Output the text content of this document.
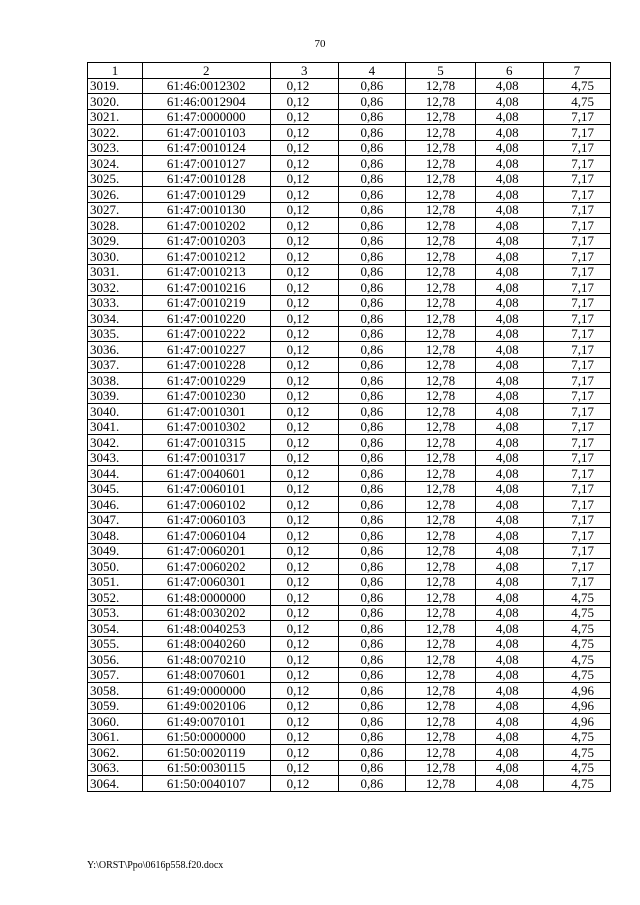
70
1	2	3	4	5	6	7
3019.	61:46:0012302	0,12	0,86	12,78	4,08	4,75
3020.	61:46:0012904	0,12	0,86	12,78	4,08	4,75
3021.	61:47:0000000	0,12	0,86	12,78	4,08	7,17
3022.	61:47:0010103	0,12	0,86	12,78	4,08	7,17
3023.	61:47:0010124	0,12	0,86	12,78	4,08	7,17
3024.	61:47:0010127	0,12	0,86	12,78	4,08	7,17
3025.	61:47:0010128	0,12	0,86	12,78	4,08	7,17
3026.	61:47:0010129	0,12	0,86	12,78	4,08	7,17
3027.	61:47:0010130	0,12	0,86	12,78	4,08	7,17
3028.	61:47:0010202	0,12	0,86	12,78	4,08	7,17
3029.	61:47:0010203	0,12	0,86	12,78	4,08	7,17
3030.	61:47:0010212	0,12	0,86	12,78	4,08	7,17
3031.	61:47:0010213	0,12	0,86	12,78	4,08	7,17
3032.	61:47:0010216	0,12	0,86	12,78	4,08	7,17
3033.	61:47:0010219	0,12	0,86	12,78	4,08	7,17
3034.	61:47:0010220	0,12	0,86	12,78	4,08	7,17
3035.	61:47:0010222	0,12	0,86	12,78	4,08	7,17
3036.	61:47:0010227	0,12	0,86	12,78	4,08	7,17
3037.	61:47:0010228	0,12	0,86	12,78	4,08	7,17
3038.	61:47:0010229	0,12	0,86	12,78	4,08	7,17
3039.	61:47:0010230	0,12	0,86	12,78	4,08	7,17
3040.	61:47:0010301	0,12	0,86	12,78	4,08	7,17
3041.	61:47:0010302	0,12	0,86	12,78	4,08	7,17
3042.	61:47:0010315	0,12	0,86	12,78	4,08	7,17
3043.	61:47:0010317	0,12	0,86	12,78	4,08	7,17
3044.	61:47:0040601	0,12	0,86	12,78	4,08	7,17
3045.	61:47:0060101	0,12	0,86	12,78	4,08	7,17
3046.	61:47:0060102	0,12	0,86	12,78	4,08	7,17
3047.	61:47:0060103	0,12	0,86	12,78	4,08	7,17
3048.	61:47:0060104	0,12	0,86	12,78	4,08	7,17
3049.	61:47:0060201	0,12	0,86	12,78	4,08	7,17
3050.	61:47:0060202	0,12	0,86	12,78	4,08	7,17
3051.	61:47:0060301	0,12	0,86	12,78	4,08	7,17
3052.	61:48:0000000	0,12	0,86	12,78	4,08	4,75
3053.	61:48:0030202	0,12	0,86	12,78	4,08	4,75
3054.	61:48:0040253	0,12	0,86	12,78	4,08	4,75
3055.	61:48:0040260	0,12	0,86	12,78	4,08	4,75
3056.	61:48:0070210	0,12	0,86	12,78	4,08	4,75
3057.	61:48:0070601	0,12	0,86	12,78	4,08	4,75
3058.	61:49:0000000	0,12	0,86	12,78	4,08	4,96
3059.	61:49:0020106	0,12	0,86	12,78	4,08	4,96
3060.	61:49:0070101	0,12	0,86	12,78	4,08	4,96
3061.	61:50:0000000	0,12	0,86	12,78	4,08	4,75
3062.	61:50:0020119	0,12	0,86	12,78	4,08	4,75
3063.	61:50:0030115	0,12	0,86	12,78	4,08	4,75
3064.	61:50:0040107	0,12	0,86	12,78	4,08	4,75
Y:\ORST\Ppo\0616p558.f20.docx
